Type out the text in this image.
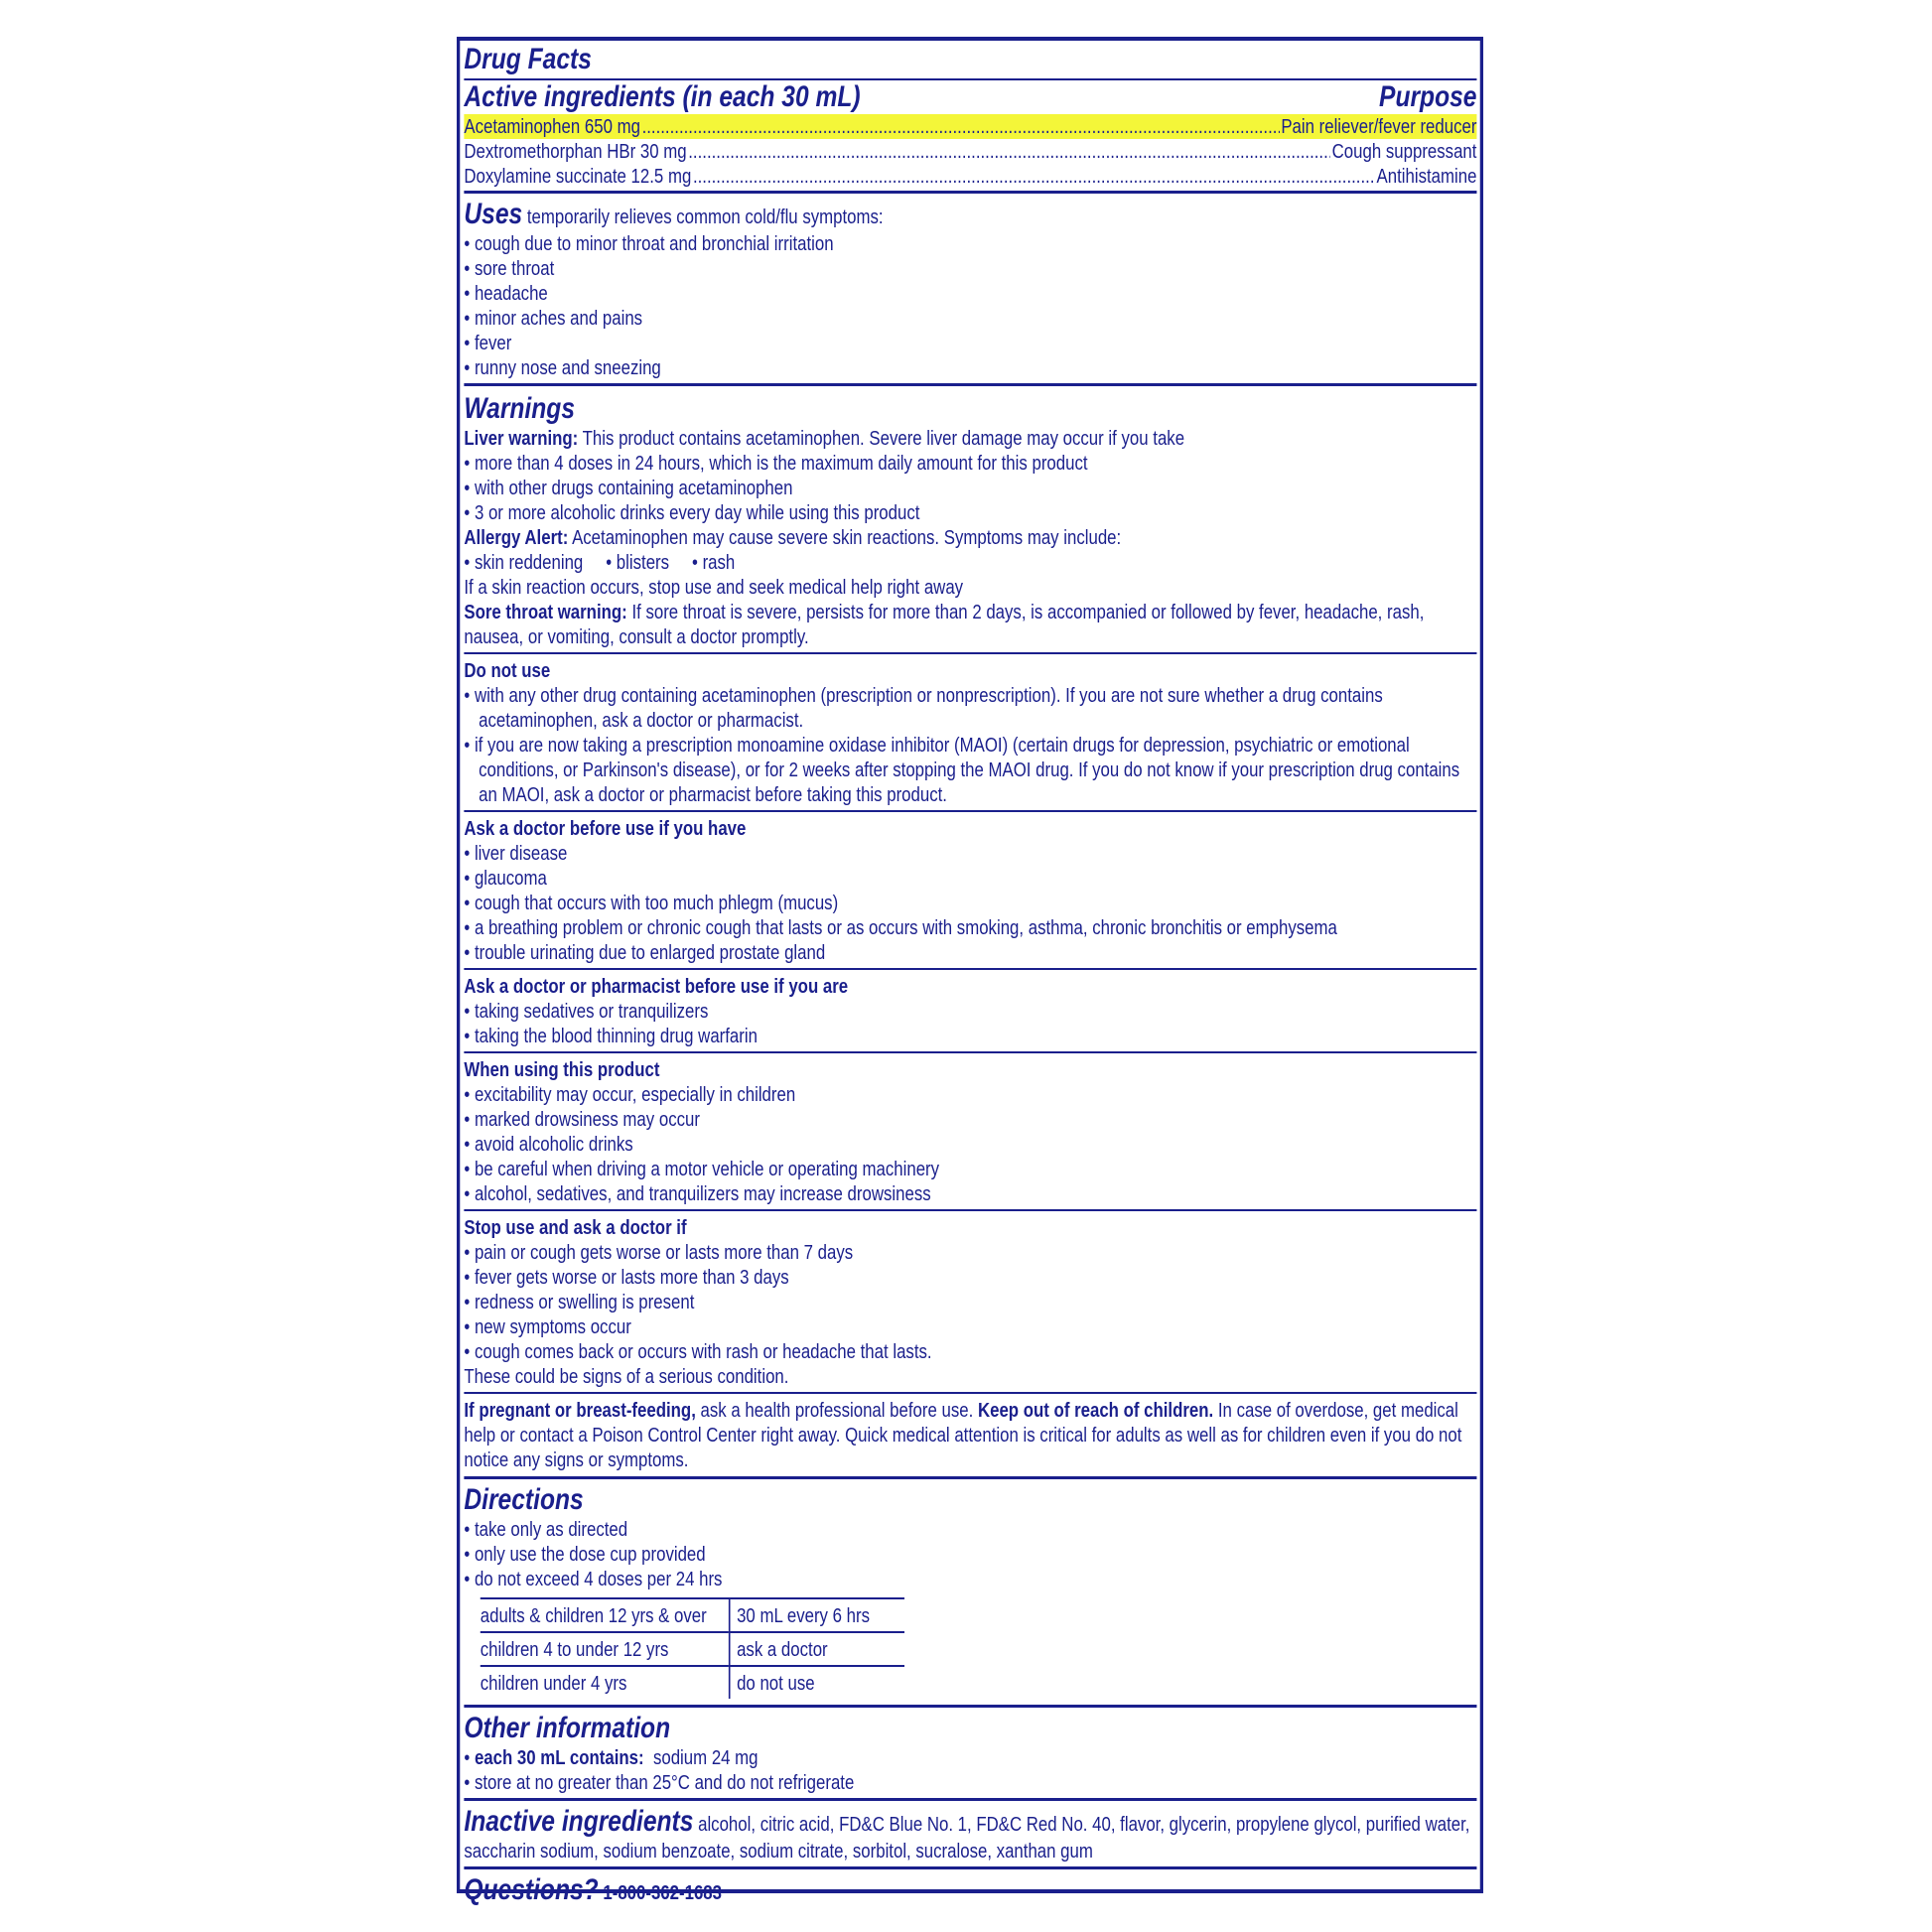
Drug Facts
Active ingredients (in each 30 mL)	Purpose
Acetaminophen 650 mg .....	Pain reliever/fever reducer
Dextromethorphan HBr 30 mg .....	Cough suppressant
Doxylamine succinate 12.5 mg .....	Antihistamine
Uses temporarily relieves common cold/flu symptoms:
• cough due to minor throat and bronchial irritation
• sore throat
• headache
• minor aches and pains
• fever
• runny nose and sneezing
Warnings
Liver warning: This product contains acetaminophen. Severe liver damage may occur if you take
• more than 4 doses in 24 hours, which is the maximum daily amount for this product
• with other drugs containing acetaminophen
• 3 or more alcoholic drinks every day while using this product
Allergy Alert: Acetaminophen may cause severe skin reactions. Symptoms may include:
• skin reddening • blisters • rash
If a skin reaction occurs, stop use and seek medical help right away
Sore throat warning: If sore throat is severe, persists for more than 2 days, is accompanied or followed by fever, headache, rash, nausea, or vomiting, consult a doctor promptly.
Do not use
• with any other drug containing acetaminophen (prescription or nonprescription). If you are not sure whether a drug contains acetaminophen, ask a doctor or pharmacist.
• if you are now taking a prescription monoamine oxidase inhibitor (MAOI) (certain drugs for depression, psychiatric or emotional conditions, or Parkinson's disease), or for 2 weeks after stopping the MAOI drug. If you do not know if your prescription drug contains an MAOI, ask a doctor or pharmacist before taking this product.
Ask a doctor before use if you have
• liver disease
• glaucoma
• cough that occurs with too much phlegm (mucus)
• a breathing problem or chronic cough that lasts or as occurs with smoking, asthma, chronic bronchitis or emphysema
• trouble urinating due to enlarged prostate gland
Ask a doctor or pharmacist before use if you are
• taking sedatives or tranquilizers
• taking the blood thinning drug warfarin
When using this product
• excitability may occur, especially in children
• marked drowsiness may occur
• avoid alcoholic drinks
• be careful when driving a motor vehicle or operating machinery
• alcohol, sedatives, and tranquilizers may increase drowsiness
Stop use and ask a doctor if
• pain or cough gets worse or lasts more than 7 days
• fever gets worse or lasts more than 3 days
• redness or swelling is present
• new symptoms occur
• cough comes back or occurs with rash or headache that lasts.
These could be signs of a serious condition.
If pregnant or breast-feeding, ask a health professional before use. Keep out of reach of children. In case of overdose, get medical help or contact a Poison Control Center right away. Quick medical attention is critical for adults as well as for children even if you do not notice any signs or symptoms.
Directions
• take only as directed
• only use the dose cup provided
• do not exceed 4 doses per 24 hrs
adults & children 12 yrs & over	30 mL every 6 hrs
children 4 to under 12 yrs	ask a doctor
children under 4 yrs	do not use
Other information
• each 30 mL contains: sodium 24 mg
• store at no greater than 25°C and do not refrigerate
Inactive ingredients alcohol, citric acid, FD&C Blue No. 1, FD&C Red No. 40, flavor, glycerin, propylene glycol, purified water, saccharin sodium, sodium benzoate, sodium citrate, sorbitol, sucralose, xanthan gum
Questions? 1-800-362-1683
